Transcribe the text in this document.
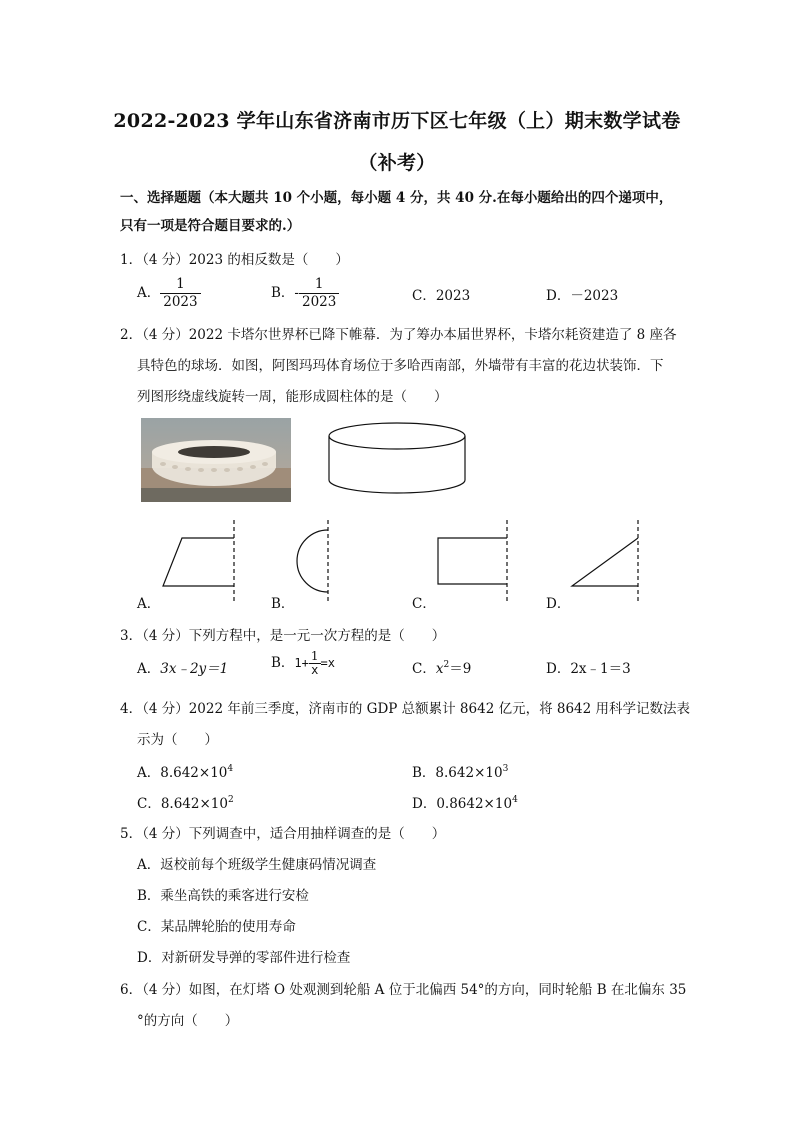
2022-2023 学年山东省济南市历下区七年级（上）期末数学试卷
（补考）
一、选择题题（本大题共 10 个小题，每小题 4 分，共 40 分.在每小题给出的四个递项中，
只有一项是符合题目要求的.）
1．（4 分）2023 的相反数是（　　）
A． $\frac{1}{2023}$	B．- $\frac{1}{2023}$	C．2023	D．－2023
2．（4 分）2022 卡塔尔世界杯已降下帷幕．为了筹办本届世界杯，卡塔尔耗资建造了 8 座各
具特色的球场．如图，阿图玛玛体育场位于多哈西南部，外墙带有丰富的花边状装饰．下
列图形绕虚线旋转一周，能形成圆柱体的是（　　）
A．	B．	C．	D．
3．（4 分）下列方程中，是一元一次方程的是（　　）
A．3x﹣2y＝1	B．$1+ \frac{1}{x} =x$	C．$x^2=9$	D．2x﹣1＝3
4．（4 分）2022 年前三季度，济南市的 GDP 总额累计 8642 亿元，将 8642 用科学记数法表
示为（　　）
A．$8.642\times 10^4$	B．$8.642\times 10^3$
C．$8.642\times 10^2$	D．$0.8642\times 10^4$
5．（4 分）下列调查中，适合用抽样调查的是（　　）
A．返校前每个班级学生健康码情况调查
B．乘坐高铁的乘客进行安检
C．某品牌轮胎的使用寿命
D．对新研发导弹的零部件进行检查
6．（4 分）如图，在灯塔 O 处观测到轮船 A 位于北偏西 54°的方向，同时轮船 B 在北偏东 35
°的方向（　　）
